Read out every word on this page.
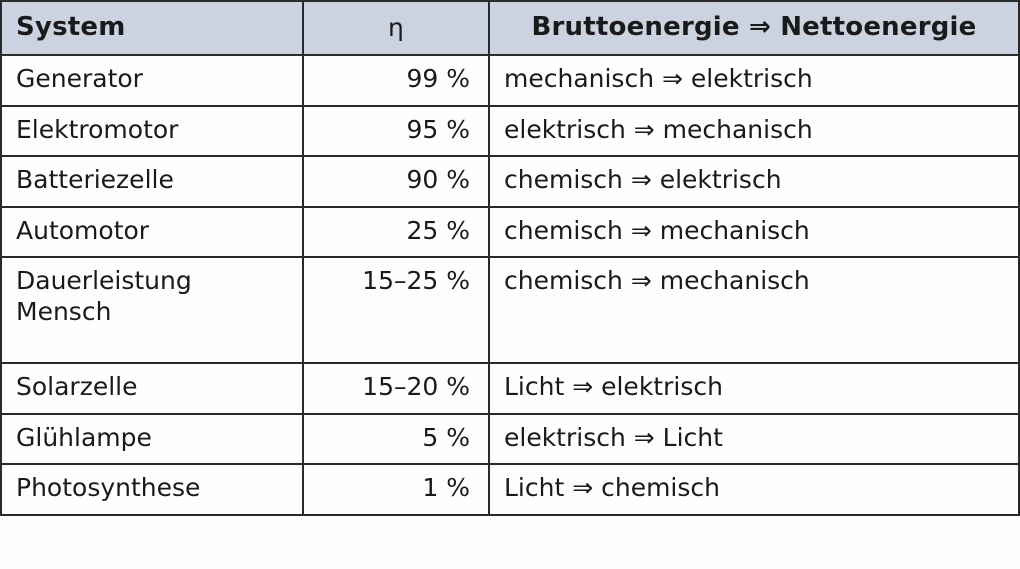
System	η	Bruttoenergie ⇒ Nettoenergie
Generator	99 %	mechanisch ⇒ elektrisch
Elektromotor	95 %	elektrisch ⇒ mechanisch
Batteriezelle	90 %	chemisch ⇒ elektrisch
Automotor	25 %	chemisch ⇒ mechanisch
Dauerleistung Mensch	15–25 %	chemisch ⇒ mechanisch
Solarzelle	15–20 %	Licht ⇒ elektrisch
Glühlampe	5 %	elektrisch ⇒ Licht
Photosynthese	1 %	Licht ⇒ chemisch
